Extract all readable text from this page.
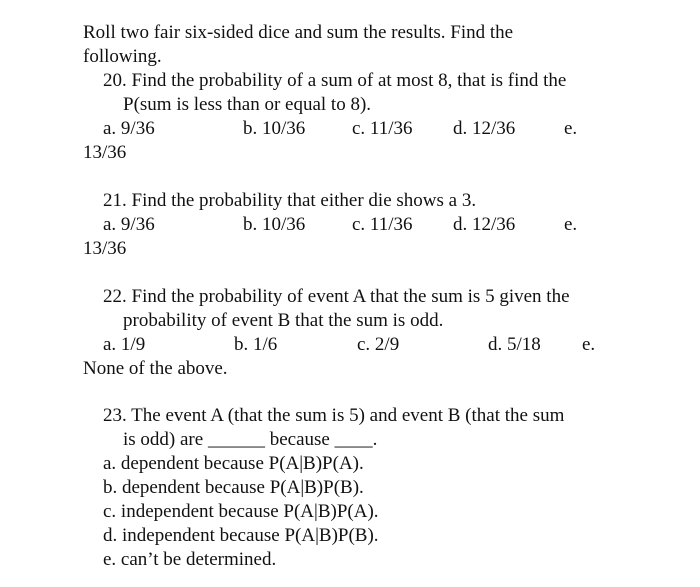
Roll two fair six-sided dice and sum the results. Find the
following.
20. Find the probability of a sum of at most 8, that is find the
P(sum is less than or equal to 8).
a. 9/36	b. 10/36 c. 11/36 d. 12/36	e.
13/36
21. Find the probability that either die shows a 3.
a. 9/36	b. 10/36 c. 11/36 d. 12/36	e.
13/36
22. Find the probability of event A that the sum is 5 given the
probability of event B that the sum is odd.
a. 1/9	b. 1/6	c. 2/9	d. 5/18 e.
None of the above.
23. The event A (that the sum is 5) and event B (that the sum
is odd) are ______ because ____.
a. dependent because P(A|B)P(A).
b. dependent because P(A|B)P(B).
c. independent because P(A|B)P(A).
d. independent because P(A|B)P(B).
e. can’t be determined.
